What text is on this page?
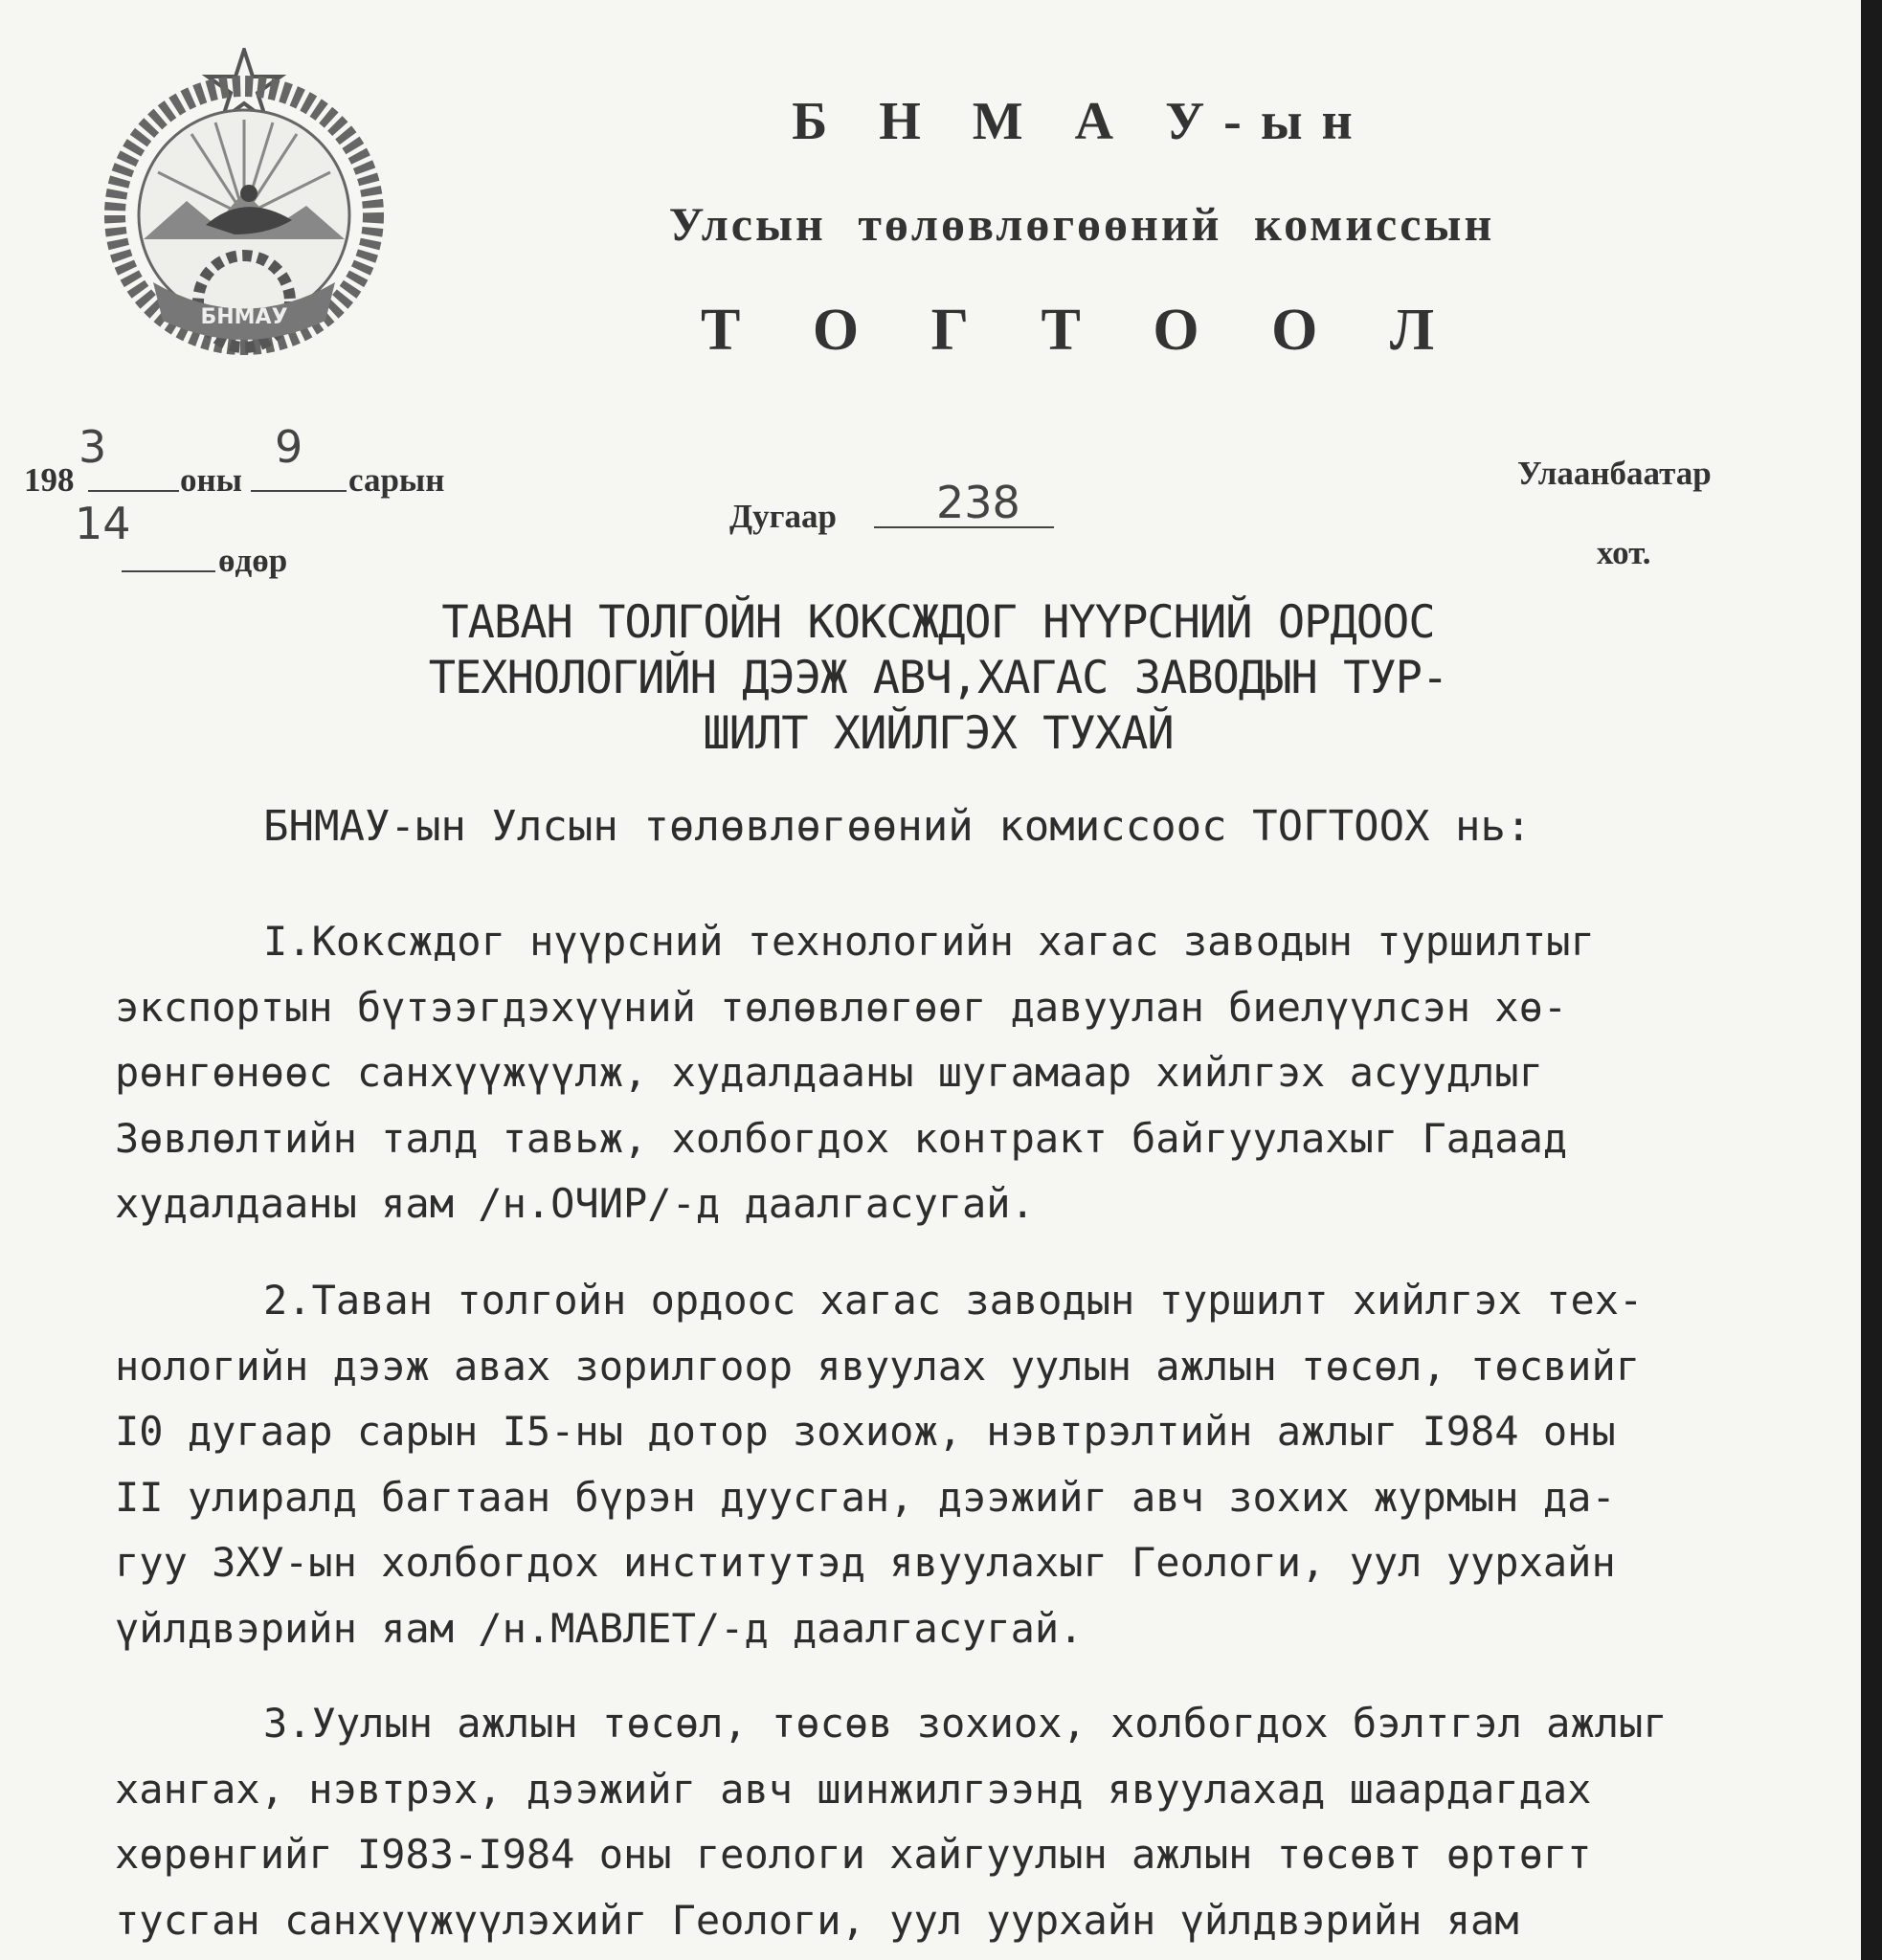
БНМАУ
Б Н М А У-ын
Улсын төлөвлөгөөний комиссын
Т О Г Т О О Л
198
3
оны
9
сарын
14
өдөр
Дугаар 238
Улаанбаатар
хот.
ТАВАН ТОЛГОЙН КОКСЖДОГ НҮҮРСНИЙ ОРДООС
ТЕХНОЛОГИЙН ДЭЭЖ АВЧ,ХАГАС ЗАВОДЫН ТУР-
ШИЛТ ХИЙЛГЭХ ТУХАЙ
БНМАУ-ын Улсын төлөвлөгөөний комиссоос ТОГТООХ нь:
I.Коксждог нүүрсний технологийн хагас заводын туршилтыг
экспортын бүтээгдэхүүний төлөвлөгөөг давуулан биелүүлсэн хө-
рөнгөнөөс санхүүжүүлж, худалдааны шугамаар хийлгэх асуудлыг
Зөвлөлтийн талд тавьж, холбогдох контракт байгуулахыг Гадаад
худалдааны яам /н.ОЧИР/-д даалгасугай.
2.Таван толгойн ордоос хагас заводын туршилт хийлгэх тех-
нологийн дээж авах зорилгоор явуулах уулын ажлын төсөл, төсвийг
I0 дугаар сарын I5-ны дотор зохиож, нэвтрэлтийн ажлыг I984 оны
II улиралд багтаан бүрэн дуусган, дээжийг авч зохих журмын да-
гуу ЗХУ-ын холбогдох институтэд явуулахыг Геологи, уул уурхайн
үйлдвэрийн яам /н.МАВЛЕТ/-д даалгасугай.
3.Уулын ажлын төсөл, төсөв зохиох, холбогдох бэлтгэл ажлыг
хангах, нэвтрэх, дээжийг авч шинжилгээнд явуулахад шаардагдах
хөрөнгийг I983-I984 оны геологи хайгуулын ажлын төсөвт өртөгт
тусган санхүүжүүлэхийг Геологи, уул уурхайн үйлдвэрийн яам
